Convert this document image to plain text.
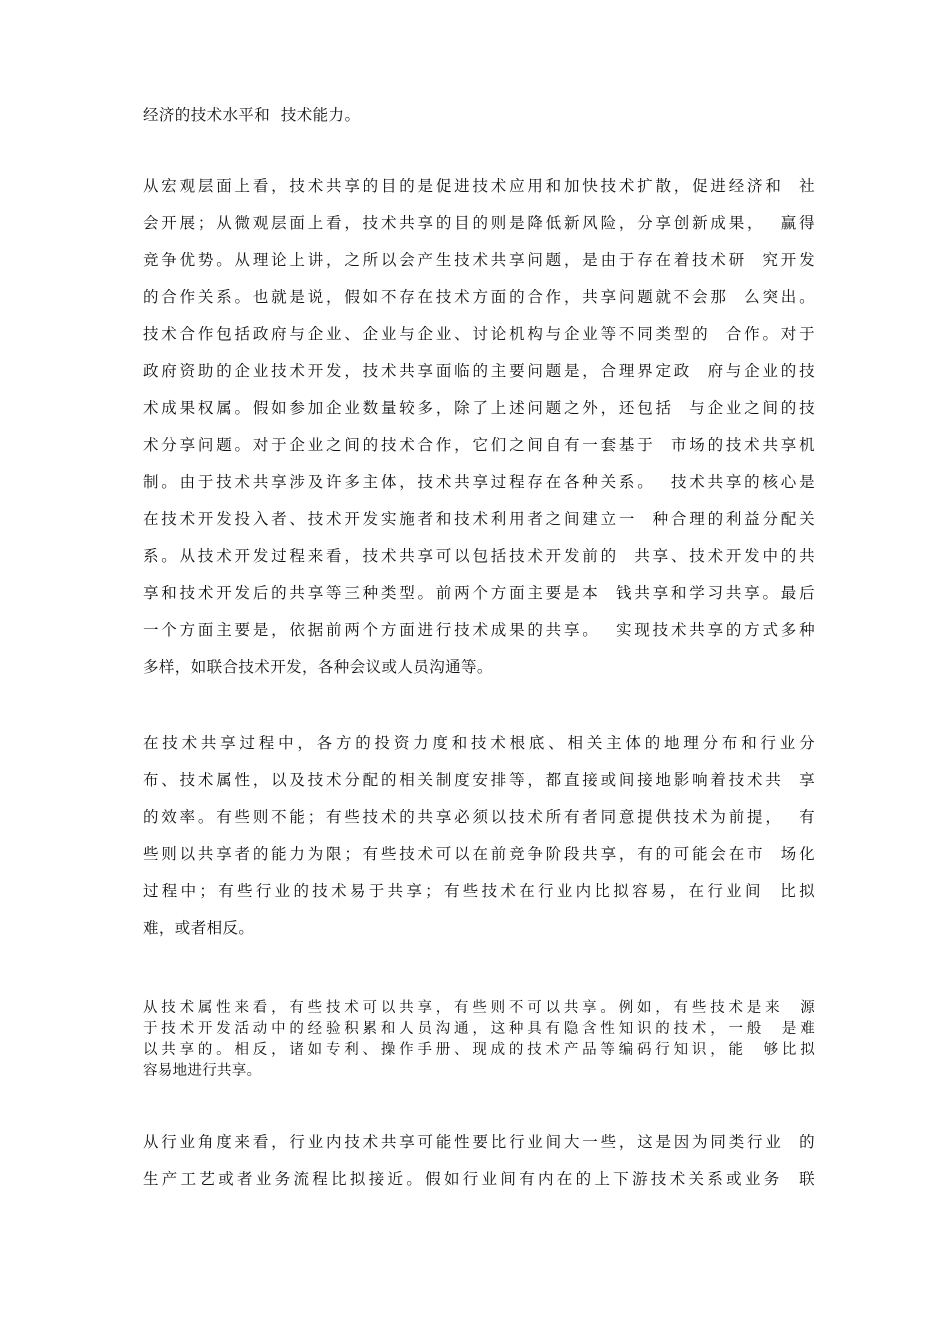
经济的技术水平和  技术能力。

从宏观层面上看，技术共享的目的是促进技术应用和加快技术扩散，促进经济和  社

会开展；从微观层面上看，技术共享的目的则是降低新风险，分享创新成果，  赢得

竞争优势。从理论上讲，之所以会产生技术共享问题，是由于存在着技术研  究开发

的合作关系。也就是说，假如不存在技术方面的合作，共享问题就不会那  么突出。

技术合作包括政府与企业、企业与企业、讨论机构与企业等不同类型的  合作。对于

政府资助的企业技术开发，技术共享面临的主要问题是，合理界定政  府与企业的技

术成果权属。假如参加企业数量较多，除了上述问题之外，还包括  与企业之间的技

术分享问题。对于企业之间的技术合作，它们之间自有一套基于  市场的技术共享机

制。由于技术共享涉及许多主体，技术共享过程存在各种关系。  技术共享的核心是

在技术开发投入者、技术开发实施者和技术利用者之间建立一  种合理的利益分配关

系。从技术开发过程来看，技术共享可以包括技术开发前的  共享、技术开发中的共

享和技术开发后的共享等三种类型。前两个方面主要是本  钱共享和学习共享。最后

一个方面主要是，依据前两个方面进行技术成果的共享。  实现技术共享的方式多种

多样，如联合技术开发，各种会议或人员沟通等。

在技术共享过程中，各方的投资力度和技术根底、相关主体的地理分布和行业分

布、技术属性，以及技术分配的相关制度安排等，都直接或间接地影响着技术共  享

的效率。有些则不能；有些技术的共享必须以技术所有者同意提供技术为前提，  有

些则以共享者的能力为限；有些技术可以在前竞争阶段共享，有的可能会在市  场化

过程中；有些行业的技术易于共享；有些技术在行业内比拟容易，在行业间  比拟

难，或者相反。

从技术属性来看，有些技术可以共享，有些则不可以共享。例如，有些技术是来  源

于技术开发活动中的经验积累和人员沟通，这种具有隐含性知识的技术，一般  是难

以共享的。相反，诸如专利、操作手册、现成的技术产品等编码行知识，能  够比拟

容易地进行共享。

从行业角度来看，行业内技术共享可能性要比行业间大一些，这是因为同类行业  的

生产工艺或者业务流程比拟接近。假如行业间有内在的上下游技术关系或业务  联
